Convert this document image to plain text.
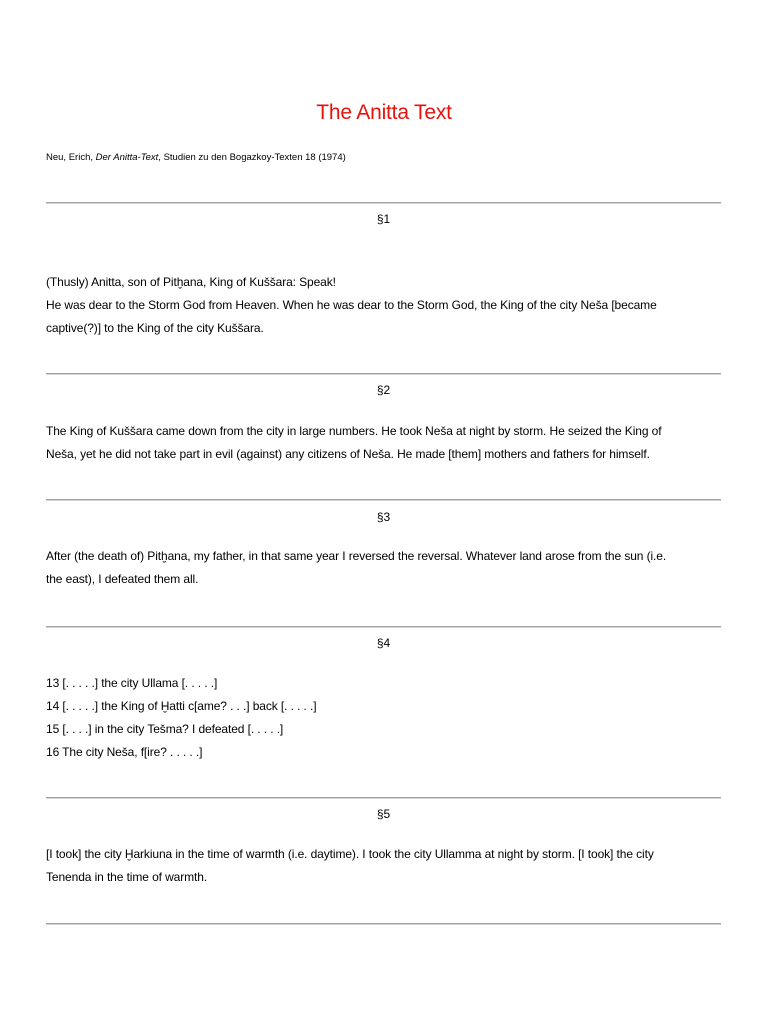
The Anitta Text
Neu, Erich, Der Anitta-Text, Studien zu den Bogazkoy-Texten 18 (1974)
§1
(Thusly) Anitta, son of Pitḫana, King of Kuššara: Speak!
He was dear to the Storm God from Heaven. When he was dear to the Storm God, the King of the city Neša [became
captive(?)] to the King of the city Kuššara.
§2
The King of Kuššara came down from the city in large numbers. He took Neša at night by storm. He seized the King of
Neša, yet he did not take part in evil (against) any citizens of Neša. He made [them] mothers and fathers for himself.
§3
After (the death of) Pitḫana, my father, in that same year I reversed the reversal. Whatever land arose from the sun (i.e.
the east), I defeated them all.
§4
13 [. . . . .] the city Ullama [. . . . .]
14 [. . . . .] the King of Ḫatti c[ame? . . .] back [. . . . .]
15 [. . . .] in the city Tešma? I defeated [. . . . .]
16 The city Neša, f[ire? . . . . .]
§5
[I took] the city Ḫarkiuna in the time of warmth (i.e. daytime). I took the city Ullamma at night by storm. [I took] the city
Tenenda in the time of warmth.
